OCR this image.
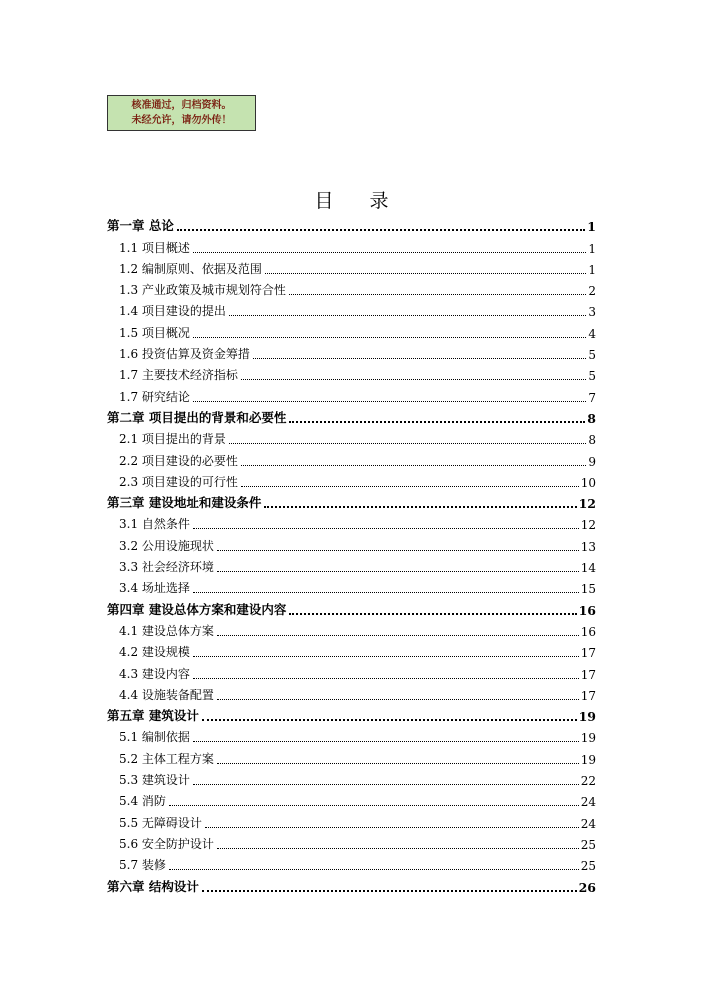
核准通过，归档资料。
未经允许，请勿外传！
目录
第一章 总论	1
1.1 项目概述	1
1.2 编制原则、依据及范围	1
1.3 产业政策及城市规划符合性	2
1.4 项目建设的提出	3
1.5 项目概况	4
1.6 投资估算及资金筹措	5
1.7 主要技术经济指标	5
1.7 研究结论	7
第二章 项目提出的背景和必要性	8
2.1 项目提出的背景	8
2.2 项目建设的必要性	9
2.3 项目建设的可行性	10
第三章 建设地址和建设条件	12
3.1 自然条件	12
3.2 公用设施现状	13
3.3 社会经济环境	14
3.4 场址选择	15
第四章 建设总体方案和建设内容	16
4.1 建设总体方案	16
4.2 建设规模	17
4.3 建设内容	17
4.4 设施装备配置	17
第五章 建筑设计	19
5.1 编制依据	19
5.2 主体工程方案	19
5.3 建筑设计	22
5.4 消防	24
5.5 无障碍设计	24
5.6 安全防护设计	25
5.7 装修	25
第六章 结构设计	26
